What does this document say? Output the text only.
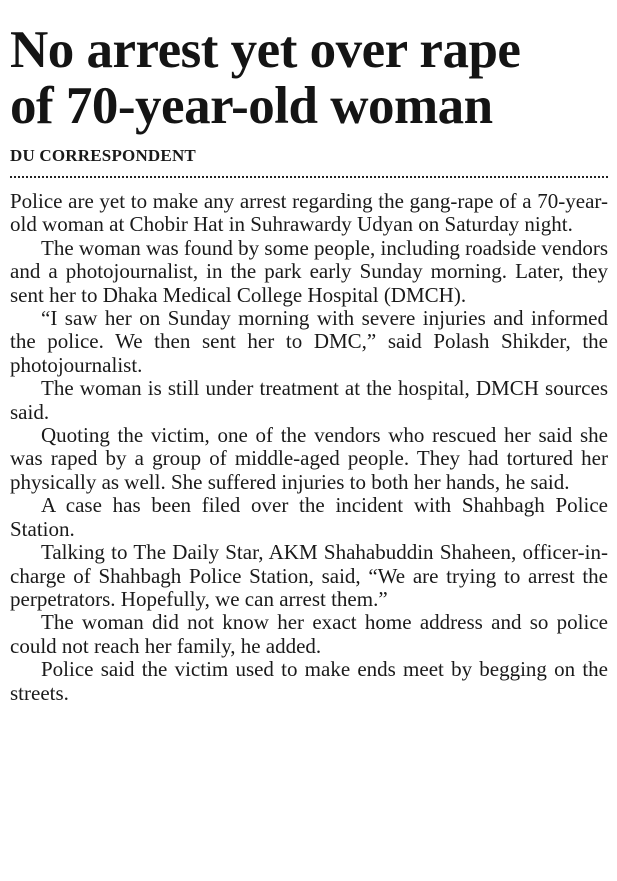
No arrest yet over rape
of 70-year-old woman
DU CORRESPONDENT

Police are yet to make any arrest regarding the gang-rape of a 70-year-old woman at Chobir Hat in Suhrawardy Udyan on Saturday night.

The woman was found by some people, including roadside vendors and a photojournalist, in the park early Sunday morning. Later, they sent her to Dhaka Medical College Hospital (DMCH).

“I saw her on Sunday morning with severe injuries and informed the police. We then sent her to DMC,” said Polash Shikder, the photojournalist.

The woman is still under treatment at the hospital, DMCH sources said.

Quoting the victim, one of the vendors who rescued her said she was raped by a group of middle-aged people. They had tortured her physically as well. She suffered injuries to both her hands, he said.

A case has been filed over the incident with Shahbagh Police Station.

Talking to The Daily Star, AKM Shahabuddin Shaheen, officer-in-charge of Shahbagh Police Station, said, “We are trying to arrest the perpetrators. Hopefully, we can arrest them.”

The woman did not know her exact home address and so police could not reach her family, he added.

Police said the victim used to make ends meet by begging on the streets.
